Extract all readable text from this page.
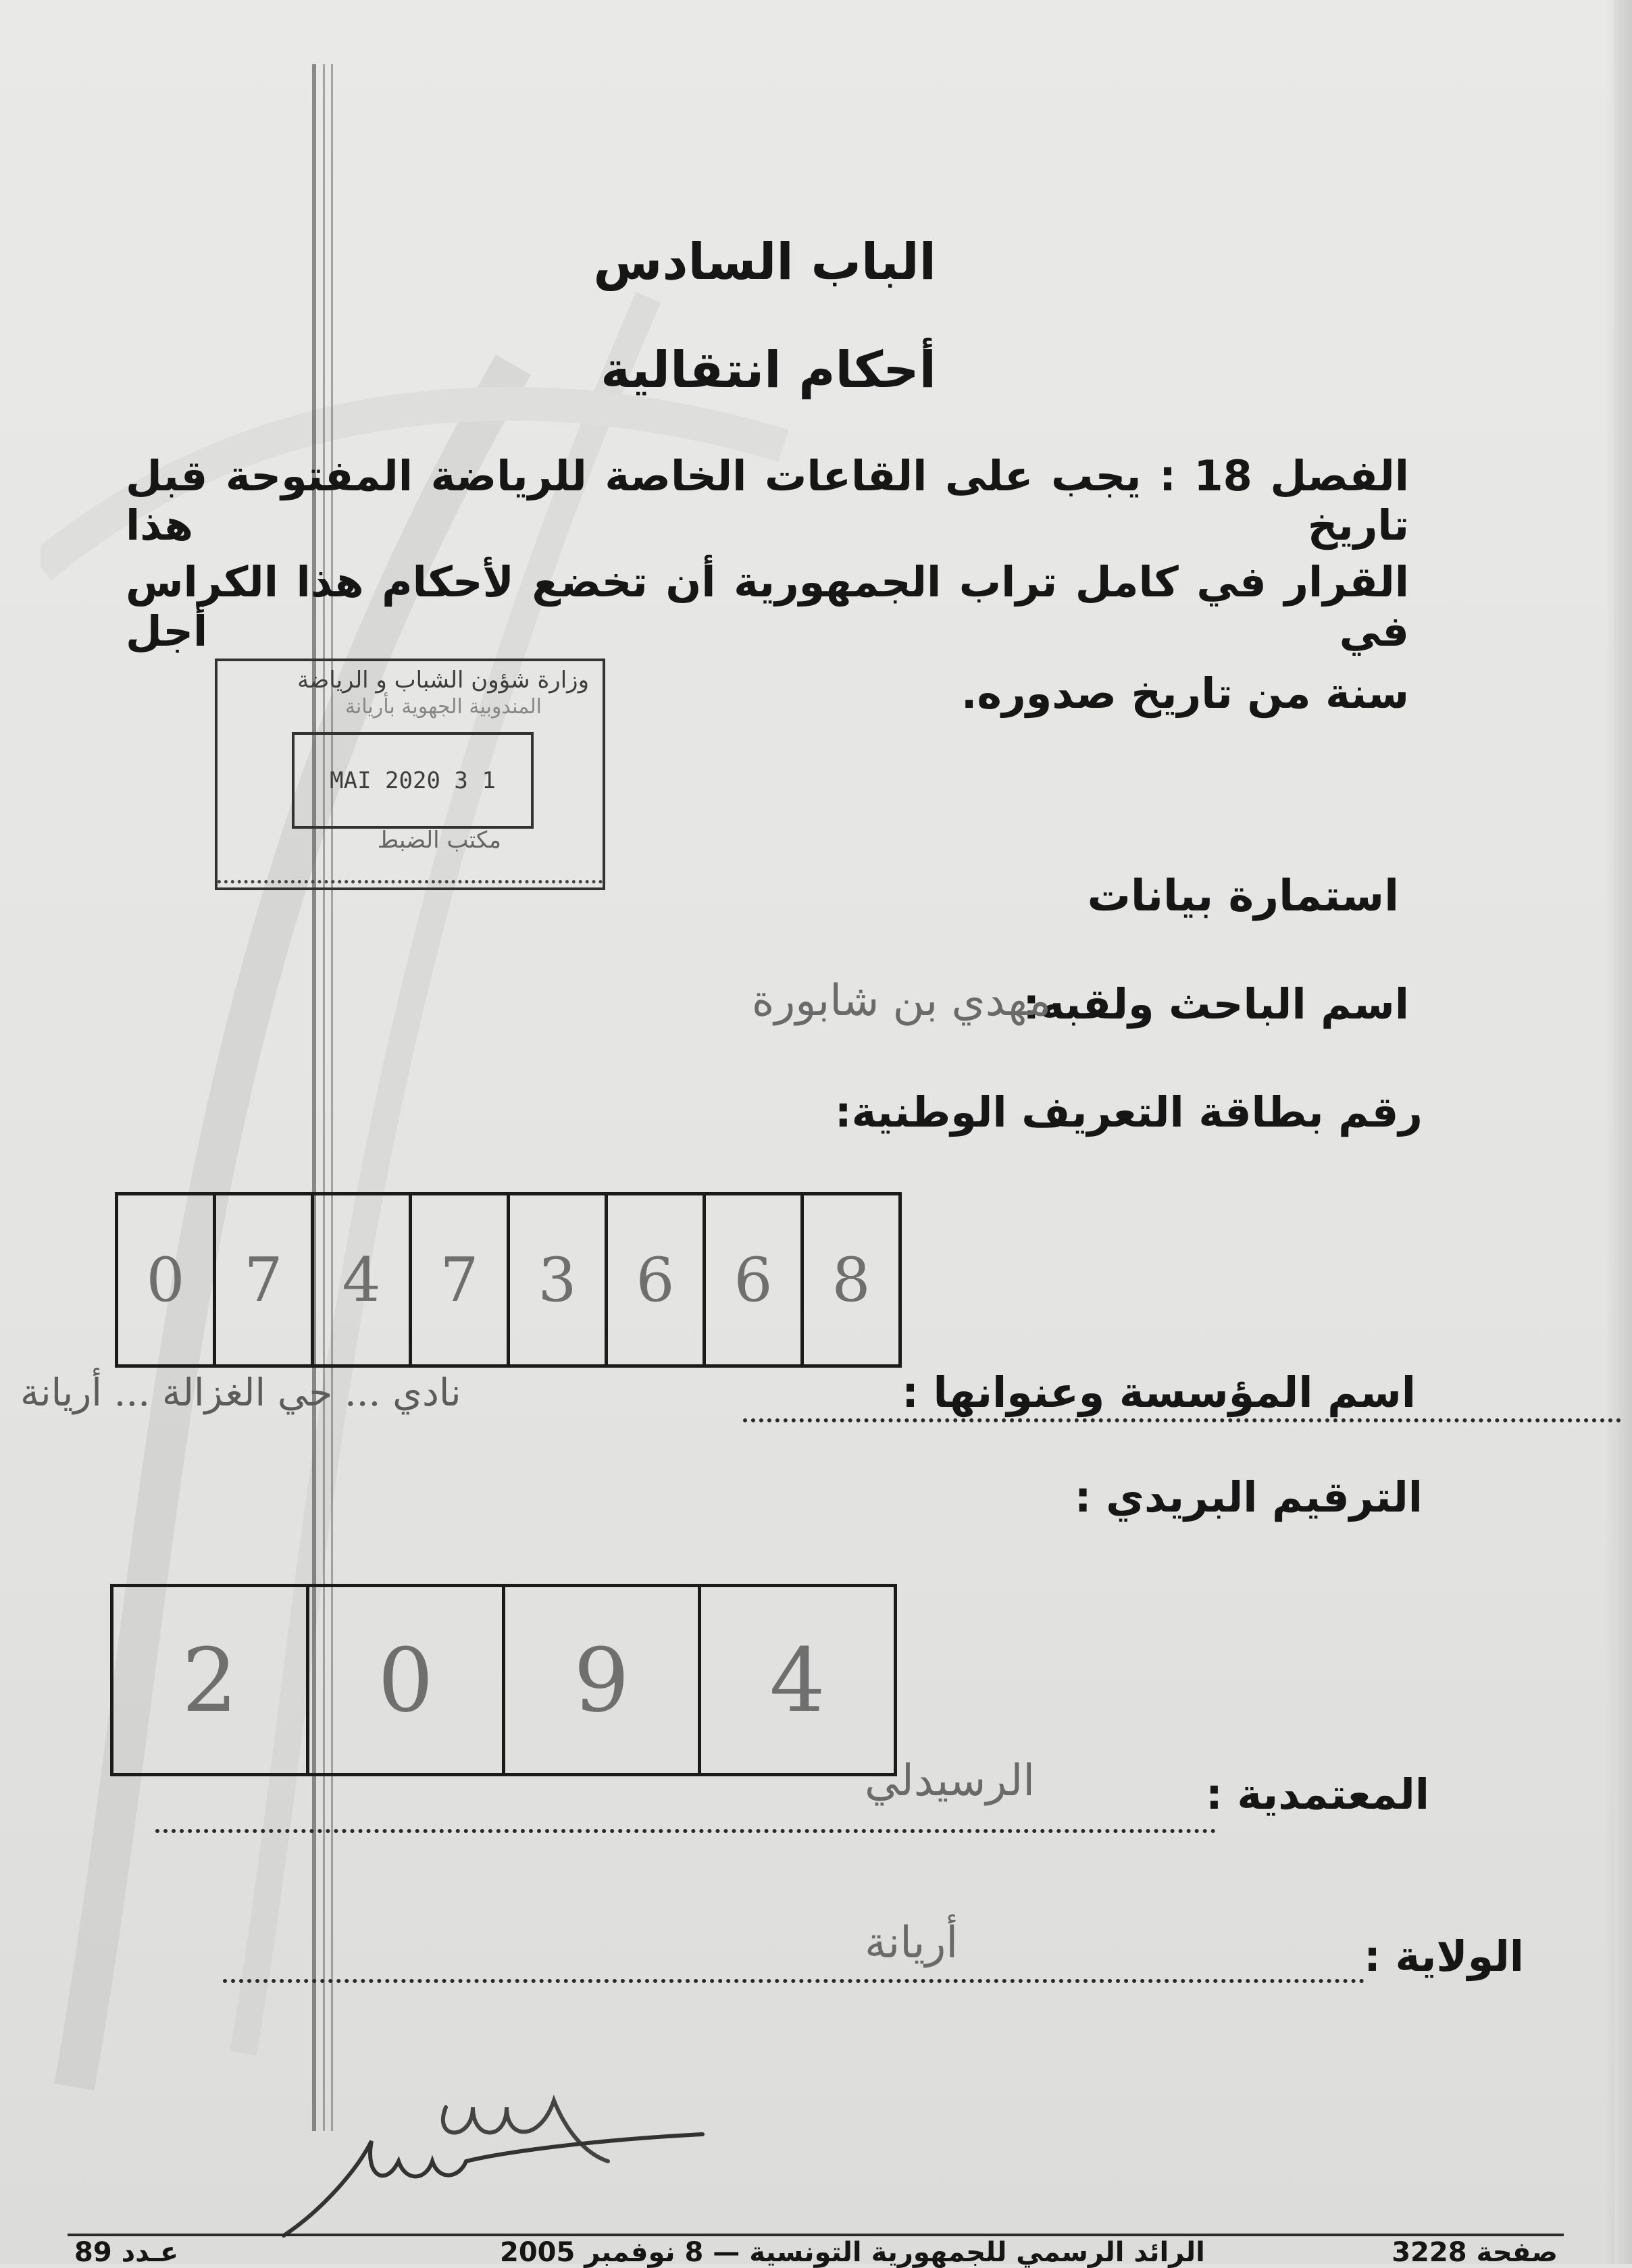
الباب السادس
أحكام انتقالية
الفصل 18 : يجب على القاعات الخاصة للرياضة المفتوحة قبل تاريخ هذا
القرار في كامل تراب الجمهورية أن تخضع لأحكام هذا الكراس في أجل
سنة من تاريخ صدوره.
وزارة شؤون الشباب و الرياضة
المندوبية الجهوية بأريانة
1 3 MAI 2020
مكتب الضبط
استمارة بيانات
اسم الباحث ولقبه:
مهدي بن شابورة
رقم بطاقة التعريف الوطنية:
0 7 4 7 3 6 6 8
اسم المؤسسة وعنوانها :
نادي ... حي الغزالة ... أريانة
الترقيم البريدي :
2	0	9	4
المعتمدية :
الرسيدلي
الولاية :
أريانة
عـدد 89	الرائد الرسمي للجمهورية التونسية — 8 نوفمبر 2005	صفحة 3228
